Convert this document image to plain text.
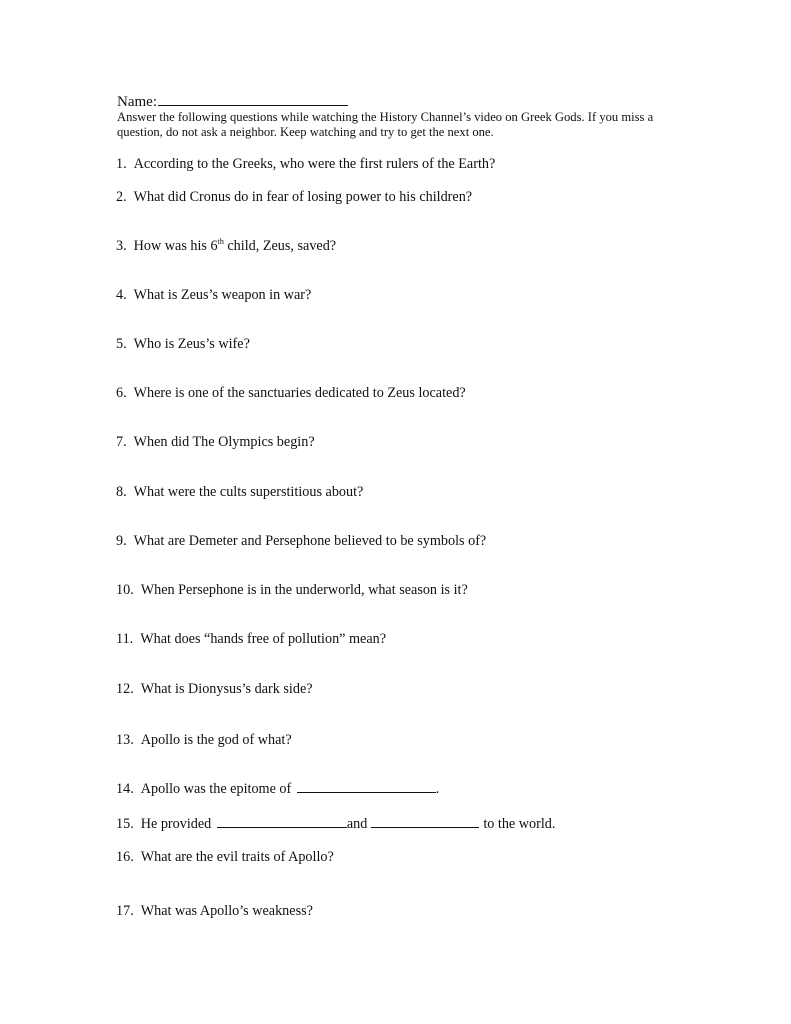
Name:
Answer the following questions while watching the History Channel’s video on Greek Gods. If you miss a question, do not ask a neighbor. Keep watching and try to get the next one.
1. According to the Greeks, who were the first rulers of the Earth?
2. What did Cronus do in fear of losing power to his children?
3. How was his 6th child, Zeus, saved?
4. What is Zeus’s weapon in war?
5. Who is Zeus’s wife?
6. Where is one of the sanctuaries dedicated to Zeus located?
7. When did The Olympics begin?
8. What were the cults superstitious about?
9. What are Demeter and Persephone believed to be symbols of?
10. When Persephone is in the underworld, what season is it?
11. What does “hands free of pollution” mean?
12. What is Dionysus’s dark side?
13. Apollo is the god of what?
14. Apollo was the epitome of	.
15. He provided	and	to the world.
16. What are the evil traits of Apollo?
17. What was Apollo’s weakness?
